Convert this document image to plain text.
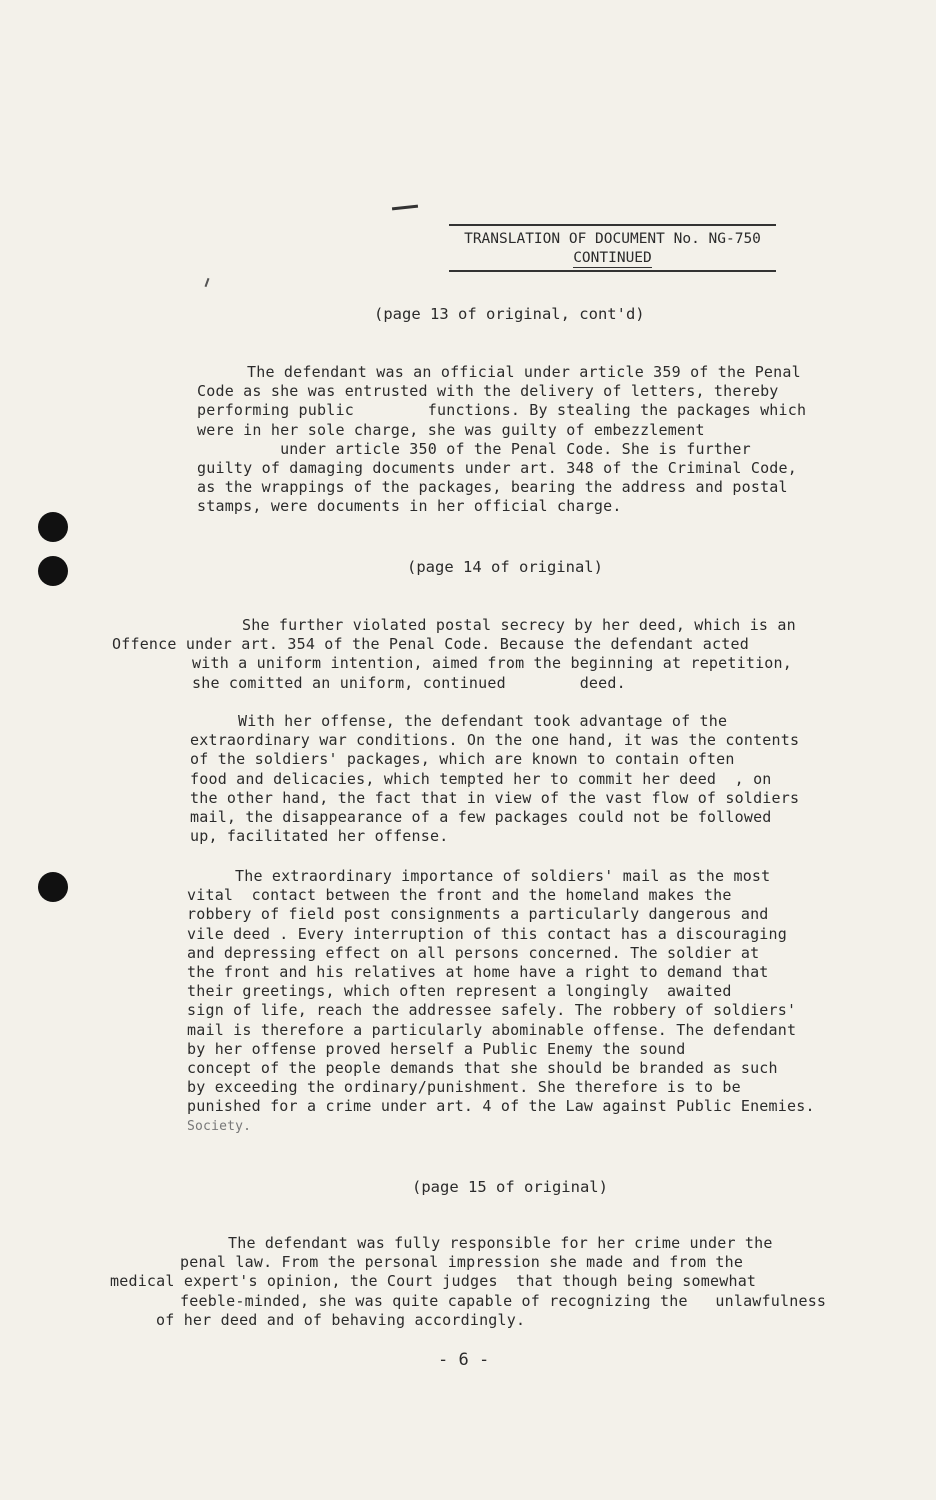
TRANSLATION OF DOCUMENT No. NG-750
CONTINUED
(page 13 of original, cont'd)
The defendant was an official under article 359 of the Penal
Code as she was entrusted with the delivery of letters, thereby
performing public        functions. By stealing the packages which
were in her sole charge, she was guilty of embezzlement
under article 350 of the Penal Code. She is further
guilty of damaging documents under art. 348 of the Criminal Code,
as the wrappings of the packages, bearing the address and postal
stamps, were documents in her official charge.
(page 14 of original)
She further violated postal secrecy by her deed, which is an
Offence under art. 354 of the Penal Code. Because the defendant acted
with a uniform intention, aimed from the beginning at repetition,
she comitted an uniform, continued        deed.
With her offense, the defendant took advantage of the
extraordinary war conditions. On the one hand, it was the contents
of the soldiers' packages, which are known to contain often
food and delicacies, which tempted her to commit her deed  , on
the other hand, the fact that in view of the vast flow of soldiers
mail, the disappearance of a few packages could not be followed
up, facilitated her offense.
The extraordinary importance of soldiers' mail as the most
vital  contact between the front and the homeland makes the
robbery of field post consignments a particularly dangerous and
vile deed . Every interruption of this contact has a discouraging
and depressing effect on all persons concerned. The soldier at
the front and his relatives at home have a right to demand that
their greetings, which often represent a longingly  awaited
sign of life, reach the addressee safely. The robbery of soldiers'
mail is therefore a particularly abominable offense. The defendant
by her offense proved herself a Public Enemy the sound
concept of the people demands that she should be branded as such
by exceeding the ordinary/punishment. She therefore is to be
punished for a crime under art. 4 of the Law against Public Enemies.
Society.
(page 15 of original)
The defendant was fully responsible for her crime under the
penal law. From the personal impression she made and from the
medical expert's opinion, the Court judges  that though being somewhat
feeble-minded, she was quite capable of recognizing the   unlawfulness
of her deed and of behaving accordingly.
- 6 -
